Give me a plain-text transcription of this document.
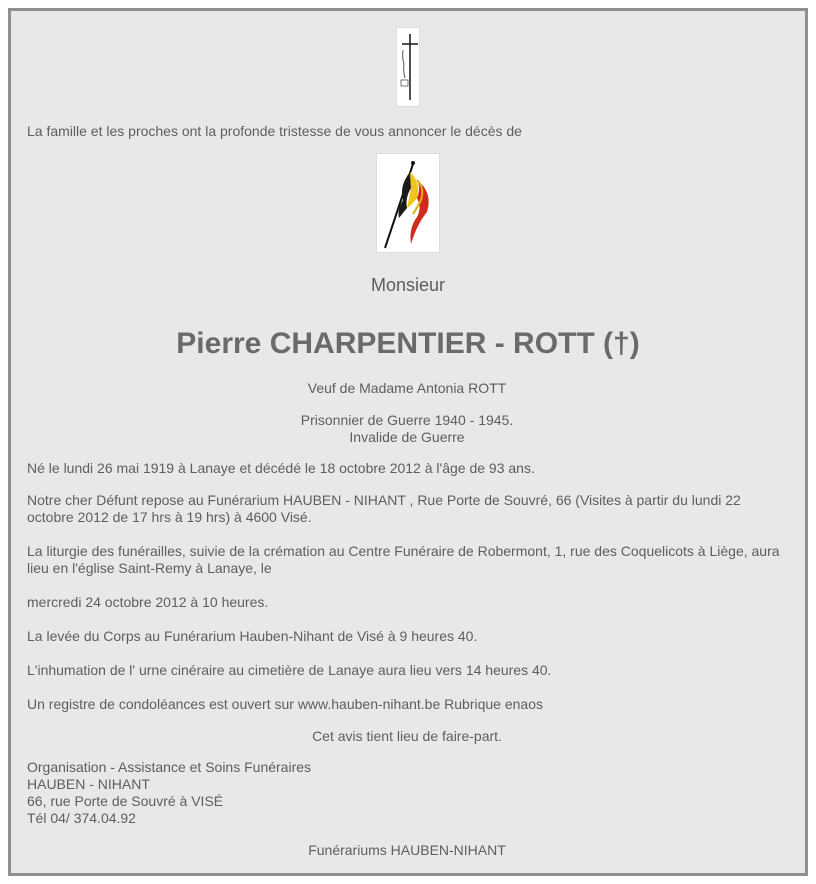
La famille et les proches ont la profonde tristesse de vous annoncer le décès de

Monsieur
Pierre CHARPENTIER - ROTT (†)

Veuf de Madame Antonia ROTT

Prisonnier de Guerre 1940 - 1945.

Invalide de Guerre

Né le lundi 26 mai 1919 à Lanaye et décédé le 18 octobre 2012 à l'âge de 93 ans.

Notre cher Défunt repose au Funérarium HAUBEN - NIHANT , Rue Porte de Souvré, 66 (Visites à partir du lundi 22 octobre 2012 de 17 hrs à 19 hrs) à 4600 Visé.

La liturgie des funérailles, suivie de la crémation au Centre Funéraire de Robermont, 1, rue des Coquelicots à Liège, aura lieu en l'église Saint-Remy à Lanaye, le

mercredi 24 octobre 2012 à 10 heures.

La levée du Corps au Funérarium Hauben-Nihant de Visé à 9 heures 40.

L'inhumation de l' urne cinéraire au cimetière de Lanaye aura lieu vers 14 heures 40.

Un registre de condoléances est ouvert sur www.hauben-nihant.be Rubrique enaos

Cet avis tient lieu de faire-part.

Organisation - Assistance et Soins Funéraires

HAUBEN - NIHANT

66, rue Porte de Souvré à VISÉ

Tél 04/ 374.04.92

Funérariums HAUBEN-NIHANT
